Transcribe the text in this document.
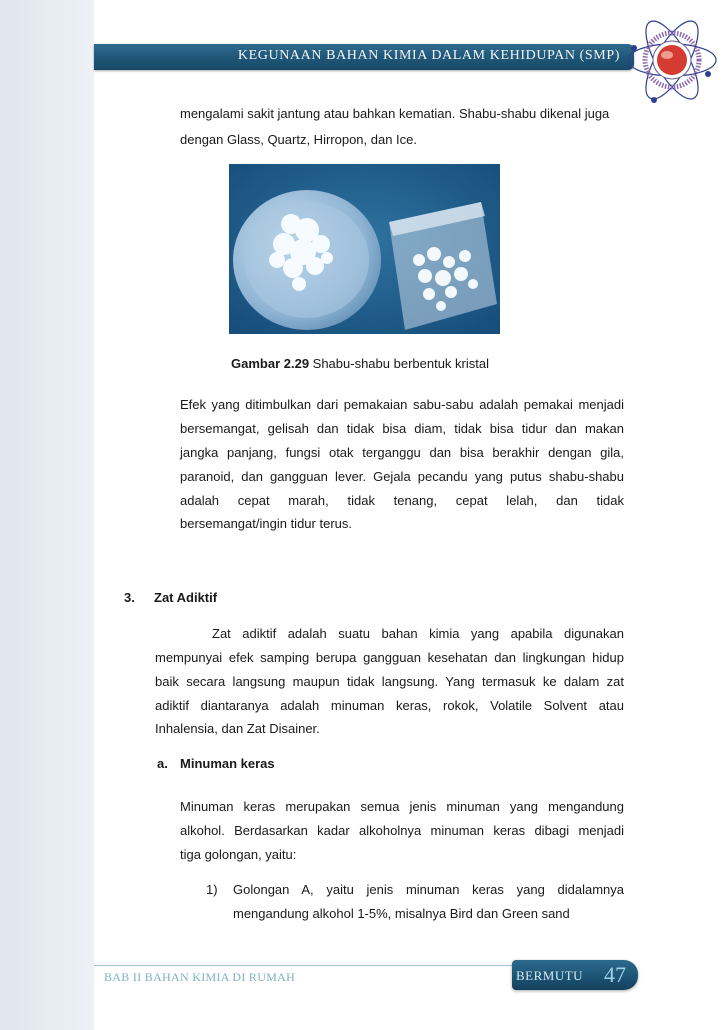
KEGUNAAN BAHAN KIMIA DALAM KEHIDUPAN (SMP)

mengalami sakit jantung atau bahkan kematian. Shabu-shabu dikenal juga

dengan Glass, Quartz, Hirropon, dan Ice.

Gambar 2.29 Shabu-shabu berbentuk kristal

Efek yang ditimbulkan dari pemakaian sabu-sabu adalah pemakai menjadi

bersemangat, gelisah dan tidak bisa diam, tidak bisa tidur dan makan

jangka panjang, fungsi otak terganggu dan bisa berakhir dengan gila,

paranoid, dan gangguan lever. Gejala pecandu yang putus shabu-shabu

adalah cepat marah, tidak tenang, cepat lelah, dan tidak

bersemangat/ingin tidur terus.

3. Zat Adiktif

Zat adiktif adalah suatu bahan kimia yang apabila digunakan

mempunyai efek samping berupa gangguan kesehatan dan lingkungan hidup

baik secara langsung maupun tidak langsung. Yang termasuk ke dalam zat

adiktif diantaranya adalah minuman keras, rokok, Volatile Solvent atau

Inhalensia, dan Zat Disainer.

a. Minuman keras

Minuman keras merupakan semua jenis minuman yang mengandung

alkohol. Berdasarkan kadar alkoholnya minuman keras dibagi menjadi

tiga golongan, yaitu:

1) Golongan A, yaitu jenis minuman keras yang didalamnya

mengandung alkohol 1-5%, misalnya Bird dan Green sand

BAB II BAHAN KIMIA DI RUMAH	BERMUTU 47
